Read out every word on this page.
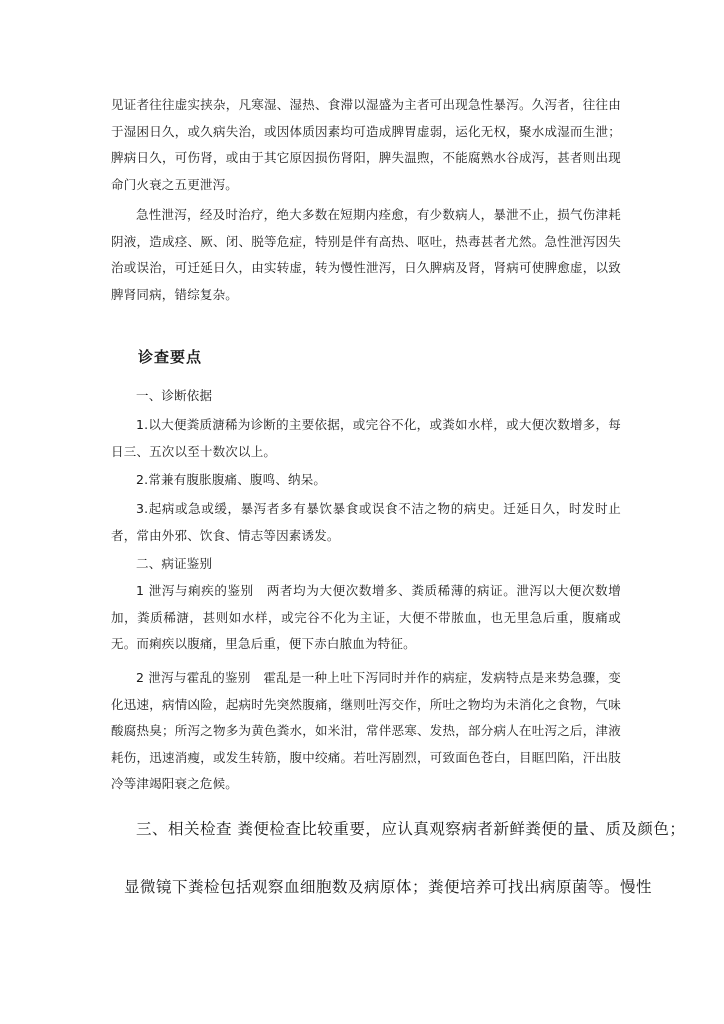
见证者往往虚实挟杂，凡寒湿、湿热、食滞以湿盛为主者可出现急性暴泻。久泻者，往往由于湿困日久，或久病失治，或因体质因素均可造成脾胃虚弱，运化无权，聚水成湿而生泄；脾病日久，可伤肾，或由于其它原因损伤肾阳，脾失温煦，不能腐熟水谷成泻，甚者则出现命门火衰之五更泄泻。
急性泄泻，经及时治疗，绝大多数在短期内痊愈，有少数病人，暴泄不止，损气伤津耗阴液，造成痉、厥、闭、脱等危症，特别是伴有高热、呕吐，热毒甚者尤然。急性泄泻因失治或误治，可迁延日久，由实转虚，转为慢性泄泻，日久脾病及肾，肾病可使脾愈虚，以致脾肾同病，错综复杂。
诊查要点
一、诊断依据
1.以大便粪质溏稀为诊断的主要依据，或完谷不化，或粪如水样，或大便次数增多，每日三、五次以至十数次以上。
2.常兼有腹胀腹痛、腹鸣、纳呆。
3.起病或急或缓，暴泻者多有暴饮暴食或误食不洁之物的病史。迁延日久，时发时止者，常由外邪、饮食、情志等因素诱发。
二、病证鉴别
1 泄泻与痢疾的鉴别　两者均为大便次数增多、粪质稀薄的病证。泄泻以大便次数增加，粪质稀溏，甚则如水样，或完谷不化为主证，大便不带脓血，也无里急后重，腹痛或无。而痢疾以腹痛，里急后重，便下赤白脓血为特征。
2 泄泻与霍乱的鉴别　霍乱是一种上吐下泻同时并作的病症，发病特点是来势急骤，变化迅速，病情凶险，起病时先突然腹痛，继则吐泻交作，所吐之物均为未消化之食物，气味酸腐热臭；所泻之物多为黄色粪水，如米泔，常伴恶寒、发热，部分病人在吐泻之后，津液耗伤，迅速消瘦，或发生转筋，腹中绞痛。若吐泻剧烈，可致面色苍白，目眶凹陷，汗出肢冷等津竭阳衰之危候。
三、相关检查 粪便检查比较重要，应认真观察病者新鲜粪便的量、质及颜色；
显微镜下粪检包括观察血细胞数及病原体；粪便培养可找出病原菌等。慢性
